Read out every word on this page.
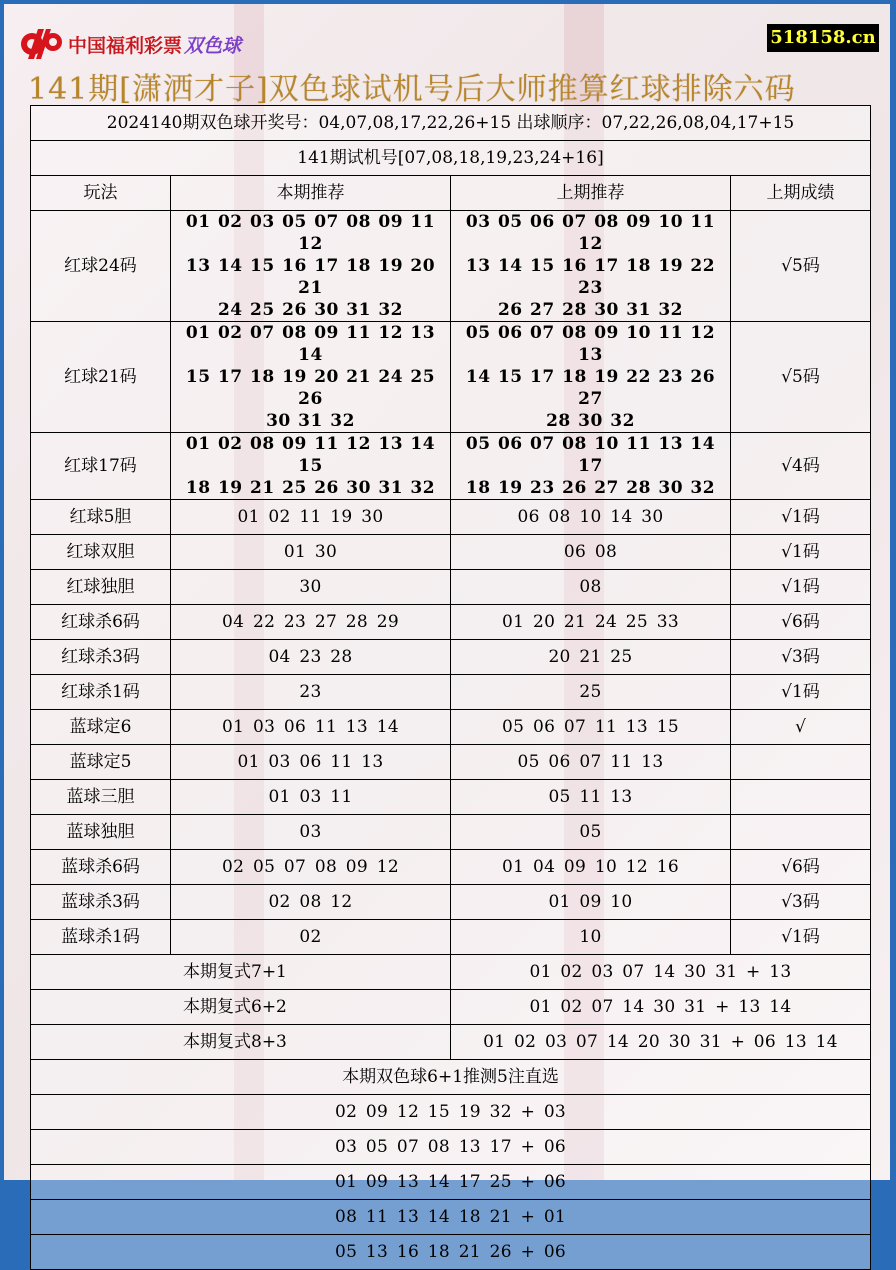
中国福利彩票 双色球	518158.cn
141期[潇洒才子]双色球试机号后大师推算红球排除六码
2024140期双色球开奖号：04,07,08,17,22,26+15 出球顺序：07,22,26,08,04,17+15			
141期试机号[07,08,18,19,23,24+16]			
玩法	本期推荐	上期推荐	上期成绩
红球24码	
01 02 03 05 07 08 09 11 12
13 14 15 16 17 18 19 20 21
24 25 26 30 31 32

03 05 06 07 08 09 10 11 12
13 14 15 16 17 18 19 22 23
26 27 28 30 31 32
	√5码
红球21码	
01 02 07 08 09 11 12 13 14
15 17 18 19 20 21 24 25 26
30 31 32

05 06 07 08 09 10 11 12 13
14 15 17 18 19 22 23 26 27
28 30 32
	√5码
红球17码	
01 02 08 09 11 12 13 14 15
18 19 21 25 26 30 31 32

05 06 07 08 10 11 13 14 17
18 19 23 26 27 28 30 32
	√4码
红球5胆	01 02 11 19 30	06 08 10 14 30	√1码
红球双胆	01 30	06 08	√1码
红球独胆	30	08	√1码
红球杀6码	04 22 23 27 28 29	01 20 21 24 25 33	√6码
红球杀3码	04 23 28	20 21 25	√3码
红球杀1码	23	25	√1码
蓝球定6	01 03 06 11 13 14	05 06 07 11 13 15	√
蓝球定5	01 03 06 11 13	05 06 07 11 13	

蓝球三胆	01 03 11	05 11 13	

蓝球独胆	03	05	

蓝球杀6码	02 05 07 08 09 12	01 04 09 10 12 16	√6码
蓝球杀3码	02 08 12	01 09 10	√3码
蓝球杀1码	02	10	√1码
本期复式7+1		01 02 03 07 14 30 31 + 13	
本期复式6+2		01 02 07 14 30 31 + 13 14	
本期复式8+3		01 02 03 07 14 20 30 31 + 06 13 14	
本期双色球6+1推测5注直选			
02 09 12 15 19 32 + 03			
03 05 07 08 13 17 + 06			
01 09 13 14 17 25 + 06			
08 11 13 14 18 21 + 01			
05 13 16 18 21 26 + 06			
